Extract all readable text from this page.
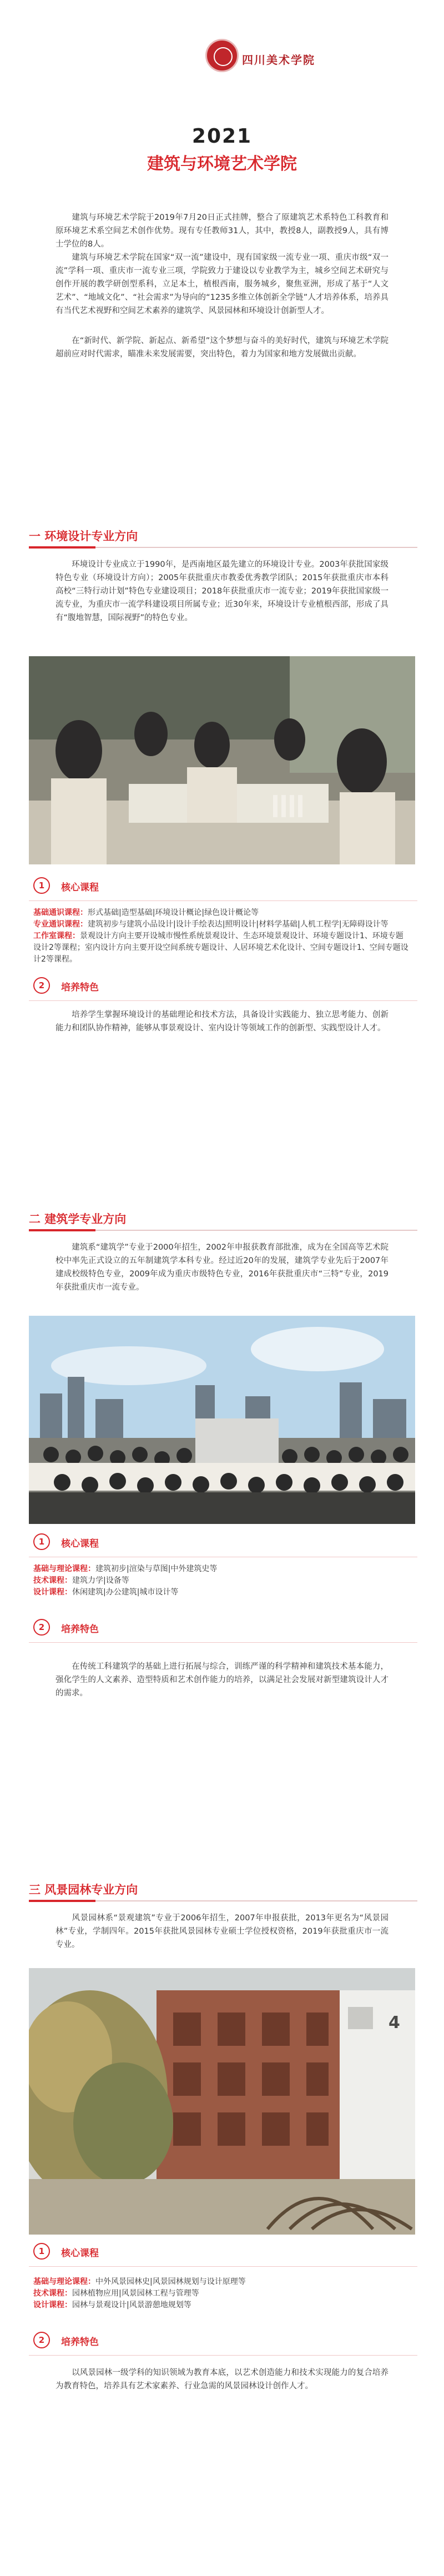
四川美术学院
2021
建筑与环境艺术学院
  建筑与环境艺术学院于2019年7月20日正式挂牌，整合了原建筑艺术系特色工科教育和原环境艺术系空间艺术创作优势。现有专任教师31人，其中，教授8人，副教授9人，具有博士学位的8人。
  建筑与环境艺术学院在国家“双一流”建设中，现有国家级一流专业一项、重庆市级“双一流”学科一项、重庆市一流专业三项，学院致力于建设以专业教学为主，城乡空间艺术研究与创作开展的教学研创型系科，立足本土，植根西南，服务城乡，聚焦亚洲，形成了基于“人文艺术”、“地域文化”、“社会需求”为导向的“1235多维立体创新全学链”人才培养体系，培养具有当代艺术视野和空间艺术素养的建筑学、风景园林和环境设计创新型人才。
  在“新时代、新学院、新起点、新希望”这个梦想与奋斗的美好时代，建筑与环境艺术学院超前应对时代需求，瞄准未来发展需要，突出特色，着力为国家和地方发展做出贡献。
一 环境设计专业方向
  环境设计专业成立于1990年，是西南地区最先建立的环境设计专业。2003年获批国家级特色专业（环境设计方向）；2005年获批重庆市教委优秀教学团队；2015年获批重庆市本科高校“三特行动计划”特色专业建设项目；2018年获批重庆市一流专业；2019年获批国家级一流专业，为重庆市一流学科建设项目所属专业；近30年来，环境设计专业植根西部，形成了具有“腹地智慧，国际视野”的特色专业。
1	核心课程
基础通识课程：形式基础|造型基础|环境设计概论|绿色设计概论等
专业通识课程：建筑初步与建筑小品设计|设计手绘表达|照明设计|材料学基础|人机工程学|无障碍设计等
工作室课程：景观设计方向主要开设城市慢性系统景观设计、生态环境景观设计、环境专题设计1、环境专题设计2等课程；室内设计方向主要开设空间系统专题设计、人居环境艺术化设计、空间专题设计1、空间专题设计2等课程。
2	培养特色
  培养学生掌握环境设计的基础理论和技术方法，具备设计实践能力、独立思考能力、创新能力和团队协作精神，能够从事景观设计、室内设计等领域工作的创新型、实践型设计人才。
二 建筑学专业方向
  建筑系“建筑学”专业于2000年招生，2002年申报获教育部批准，成为在全国高等艺术院校中率先正式设立的五年制建筑学本科专业。经过近20年的发展，建筑学专业先后于2007年建成校级特色专业，2009年成为重庆市级特色专业，2016年获批重庆市“三特”专业，2019年获批重庆市一流专业。
1	核心课程
基础与理论课程：建筑初步|渲染与草图|中外建筑史等
技术课程：建筑力学|设备等
设计课程：休闲建筑|办公建筑|城市设计等
2	培养特色
  在传统工科建筑学的基础上进行拓展与综合，训练严谨的科学精神和建筑技术基本能力，强化学生的人文素养、造型特质和艺术创作能力的培养，以满足社会发展对新型建筑设计人才的需求。
三 风景园林专业方向
  风景园林系“景观建筑”专业于2006年招生，2007年申报获批，2013年更名为“风景园林”专业，学制四年。2015年获批风景园林专业硕士学位授权资格，2019年获批重庆市一流专业。
4
1	核心课程
基础与理论课程：中外风景园林史|风景园林规划与设计原理等
技术课程：园林植物应用|风景园林工程与管理等
设计课程：园林与景观设计|风景游憩地规划等
2	培养特色
  以风景园林一级学科的知识领域为教育本底，以艺术创造能力和技术实现能力的复合培养为教育特色，培养具有艺术家素养、行业急需的风景园林设计创作人才。
